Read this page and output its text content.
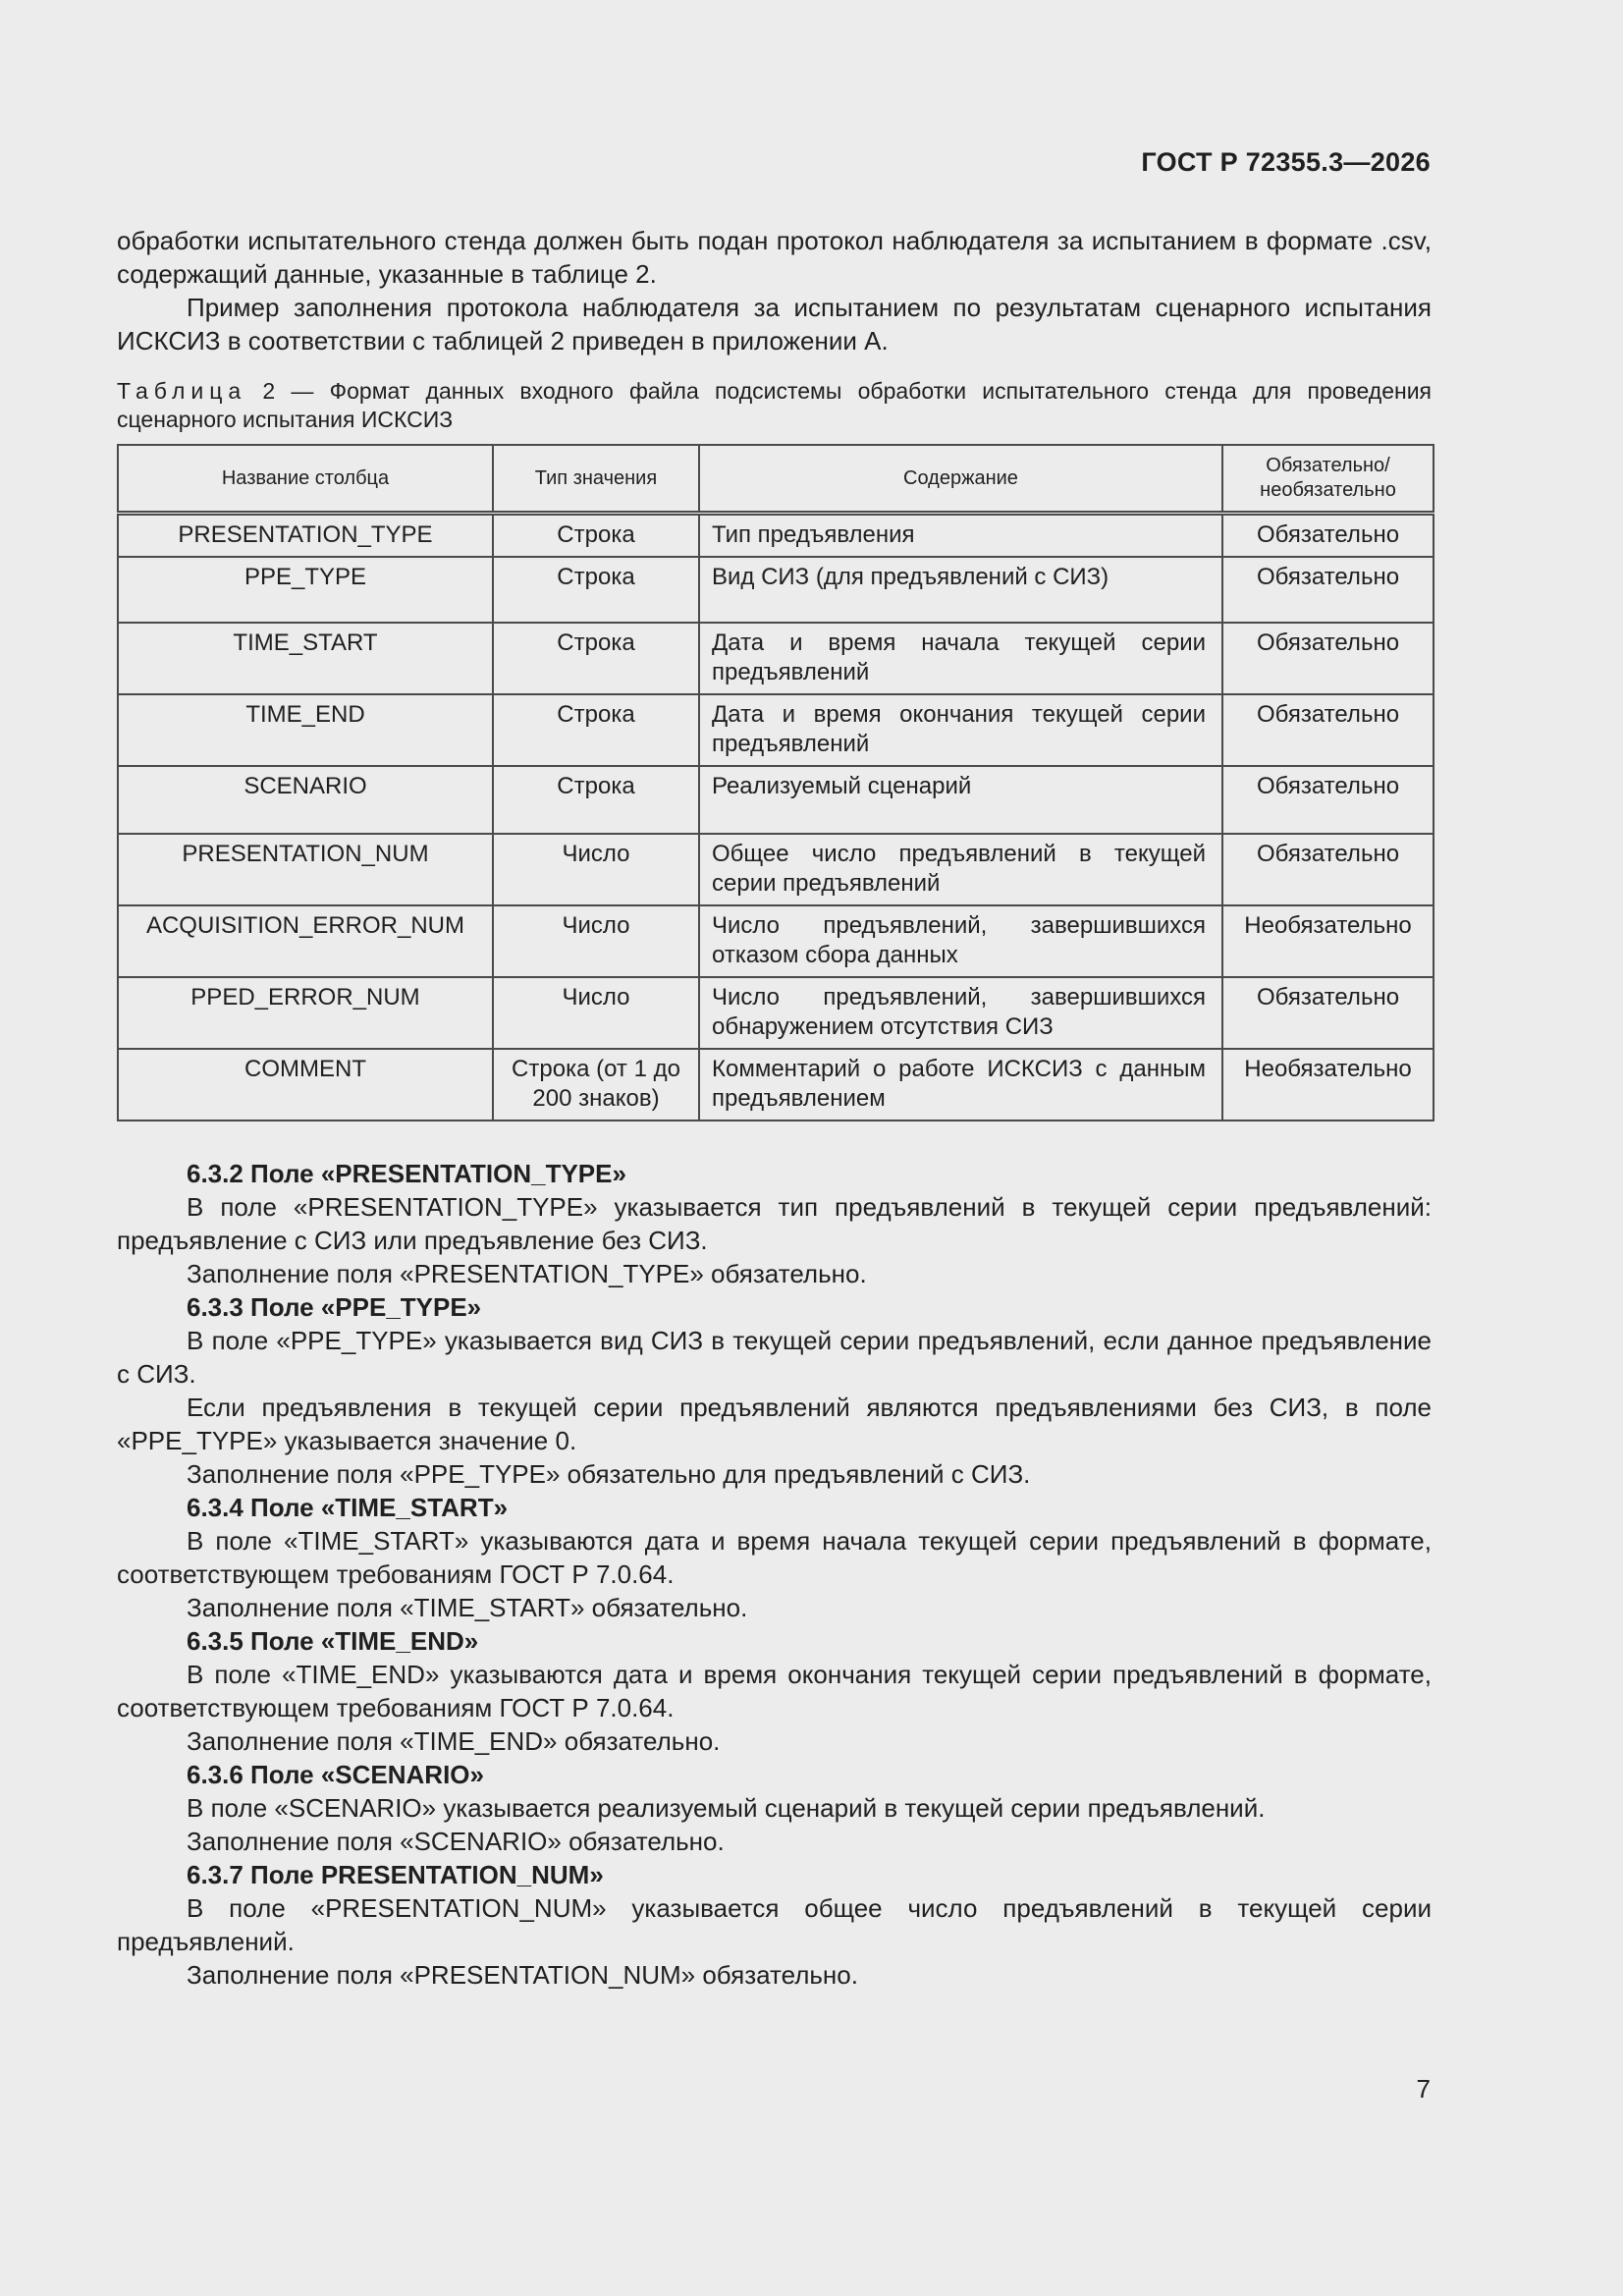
ГОСТ Р 72355.3—2026

обработки испытательного стенда должен быть подан протокол наблюдателя за испытанием в формате .csv, содержащий данные, указанные в таблице 2.

Пример заполнения протокола наблюдателя за испытанием по результатам сценарного испытания ИСКСИЗ в соответствии с таблицей 2 приведен в приложении А.

Таблица 2 — Формат данных входного файла подсистемы обработки испытательного стенда для проведения сценарного испытания ИСКСИЗ

Название столбца	Тип значения	Содержание	Обязательно/ необязательно
PRESENTATION_TYPE	Строка	Тип предъявления	Обязательно
PPE_TYPE	Строка	Вид СИЗ (для предъявлений с СИЗ)	Обязательно
TIME_START	Строка	Дата и время начала текущей серии предъявлений	Обязательно
TIME_END	Строка	Дата и время окончания текущей серии предъявлений	Обязательно
SCENARIO	Строка	Реализуемый сценарий	Обязательно
PRESENTATION_NUM	Число	Общее число предъявлений в текущей серии предъявлений	Обязательно
ACQUISITION_ERROR_NUM	Число	Число предъявлений, завершившихся отказом сбора данных	Необязательно
PPED_ERROR_NUM	Число	Число предъявлений, завершившихся обнаружением отсутствия СИЗ	Обязательно
COMMENT	Строка (от 1 до 200 знаков)	Комментарий о работе ИСКСИЗ с данным предъявлением	Необязательно

6.3.2 Поле «PRESENTATION_TYPE»

В поле «PRESENTATION_TYPE» указывается тип предъявлений в текущей серии предъявлений: предъявление с СИЗ или предъявление без СИЗ.

Заполнение поля «PRESENTATION_TYPE» обязательно.

6.3.3 Поле «PPE_TYPE»

В поле «PPE_TYPE» указывается вид СИЗ в текущей серии предъявлений, если данное предъявление с СИЗ.

Если предъявления в текущей серии предъявлений являются предъявлениями без СИЗ, в поле «PPE_TYPE» указывается значение 0.

Заполнение поля «PPE_TYPE» обязательно для предъявлений с СИЗ.

6.3.4 Поле «TIME_START»

В поле «TIME_START» указываются дата и время начала текущей серии предъявлений в формате, соответствующем требованиям ГОСТ Р 7.0.64.

Заполнение поля «TIME_START» обязательно.

6.3.5 Поле «TIME_END»

В поле «TIME_END» указываются дата и время окончания текущей серии предъявлений в формате, соответствующем требованиям ГОСТ Р 7.0.64.

Заполнение поля «TIME_END» обязательно.

6.3.6 Поле «SCENARIO»

В поле «SCENARIO» указывается реализуемый сценарий в текущей серии предъявлений.

Заполнение поля «SCENARIO» обязательно.

6.3.7 Поле PRESENTATION_NUM»

В поле «PRESENTATION_NUM» указывается общее число предъявлений в текущей серии предъявлений.

Заполнение поля «PRESENTATION_NUM» обязательно.

7
